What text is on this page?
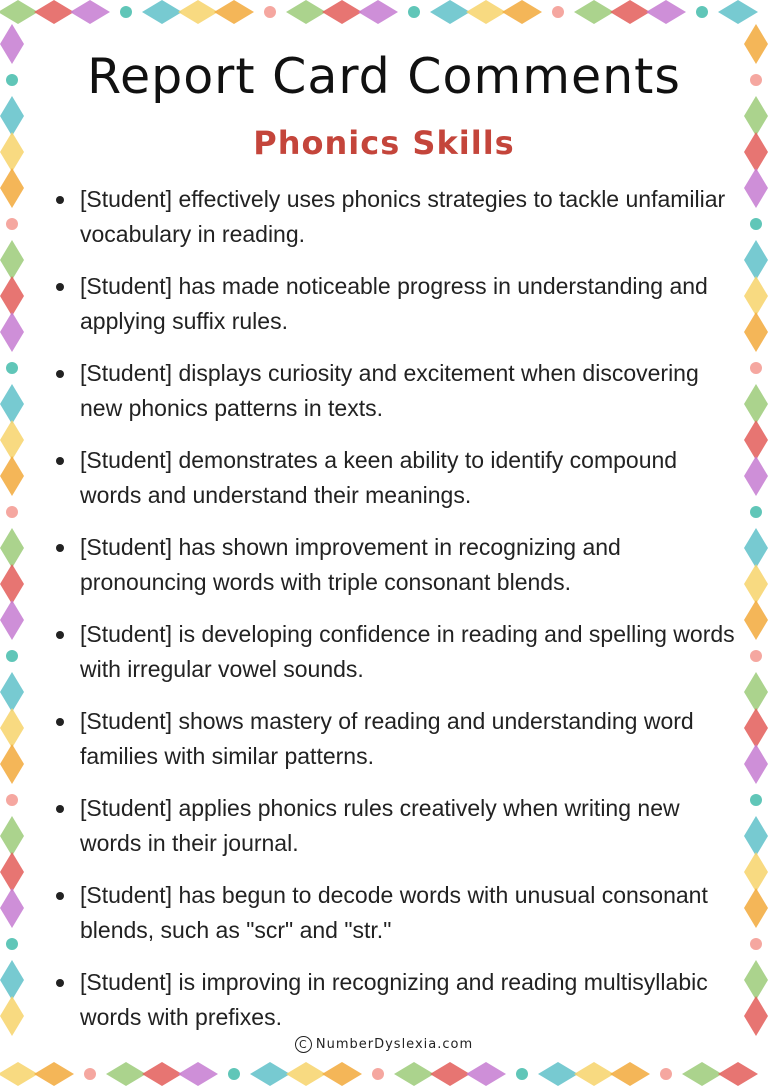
Report Card Comments
Phonics Skills
[Student] effectively uses phonics strategies to tackle unfamiliar vocabulary in reading.
[Student] has made noticeable progress in understanding and applying suffix rules.
[Student] displays curiosity and excitement when discovering new phonics patterns in texts.
[Student] demonstrates a keen ability to identify compound words and understand their meanings.
[Student] has shown improvement in recognizing and pronouncing words with triple consonant blends.
[Student] is developing confidence in reading and spelling words with irregular vowel sounds.
[Student] shows mastery of reading and understanding word families with similar patterns.
[Student] applies phonics rules creatively when writing new words in their journal.
[Student] has begun to decode words with unusual consonant blends, such as "scr" and "str."
[Student] is improving in recognizing and reading multisyllabic words with prefixes.
C NumberDyslexia.com
